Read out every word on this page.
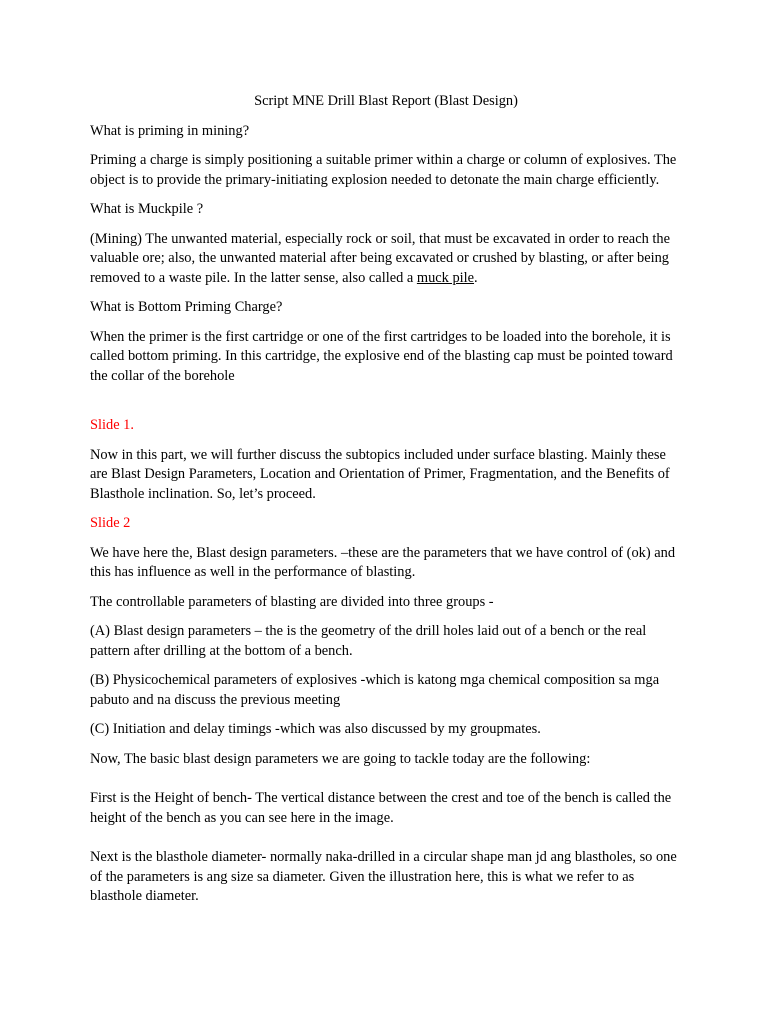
Script MNE Drill Blast Report (Blast Design)

What is priming in mining?

Priming a charge is simply positioning a suitable primer within a charge or column of explosives. The object is to provide the primary-initiating explosion needed to detonate the main charge efficiently.

What is Muckpile ?

(Mining) The unwanted material, especially rock or soil, that must be excavated in order to reach the valuable ore; also, the unwanted material after being excavated or crushed by blasting, or after being removed to a waste pile. In the latter sense, also called a muck pile.

What is Bottom Priming Charge?

When the primer is the first cartridge or one of the first cartridges to be loaded into the borehole, it is called bottom priming. In this cartridge, the explosive end of the blasting cap must be pointed toward the collar of the borehole

Slide 1.

Now in this part, we will further discuss the subtopics included under surface blasting. Mainly these are Blast Design Parameters, Location and Orientation of Primer, Fragmentation, and the Benefits of Blasthole inclination. So, let’s proceed.

Slide 2

We have here the, Blast design parameters. –these are the parameters that we have control of (ok) and this has influence as well in the performance of blasting.

The controllable parameters of blasting are divided into three groups -

(A) Blast design parameters – the is the geometry of the drill holes laid out of a bench or the real pattern after drilling at the bottom of a bench.

(B) Physicochemical parameters of explosives -which is katong mga chemical composition sa mga pabuto and na discuss the previous meeting

(C) Initiation and delay timings -which was also discussed by my groupmates.

Now, The basic blast design parameters we are going to tackle today are the following:

First is the Height of bench- The vertical distance between the crest and toe of the bench is called the height of the bench as you can see here in the image.

Next is the blasthole diameter- normally naka-drilled in a circular shape man jd ang blastholes, so one of the parameters is ang size sa diameter. Given the illustration here, this is what we refer to as blasthole diameter.
